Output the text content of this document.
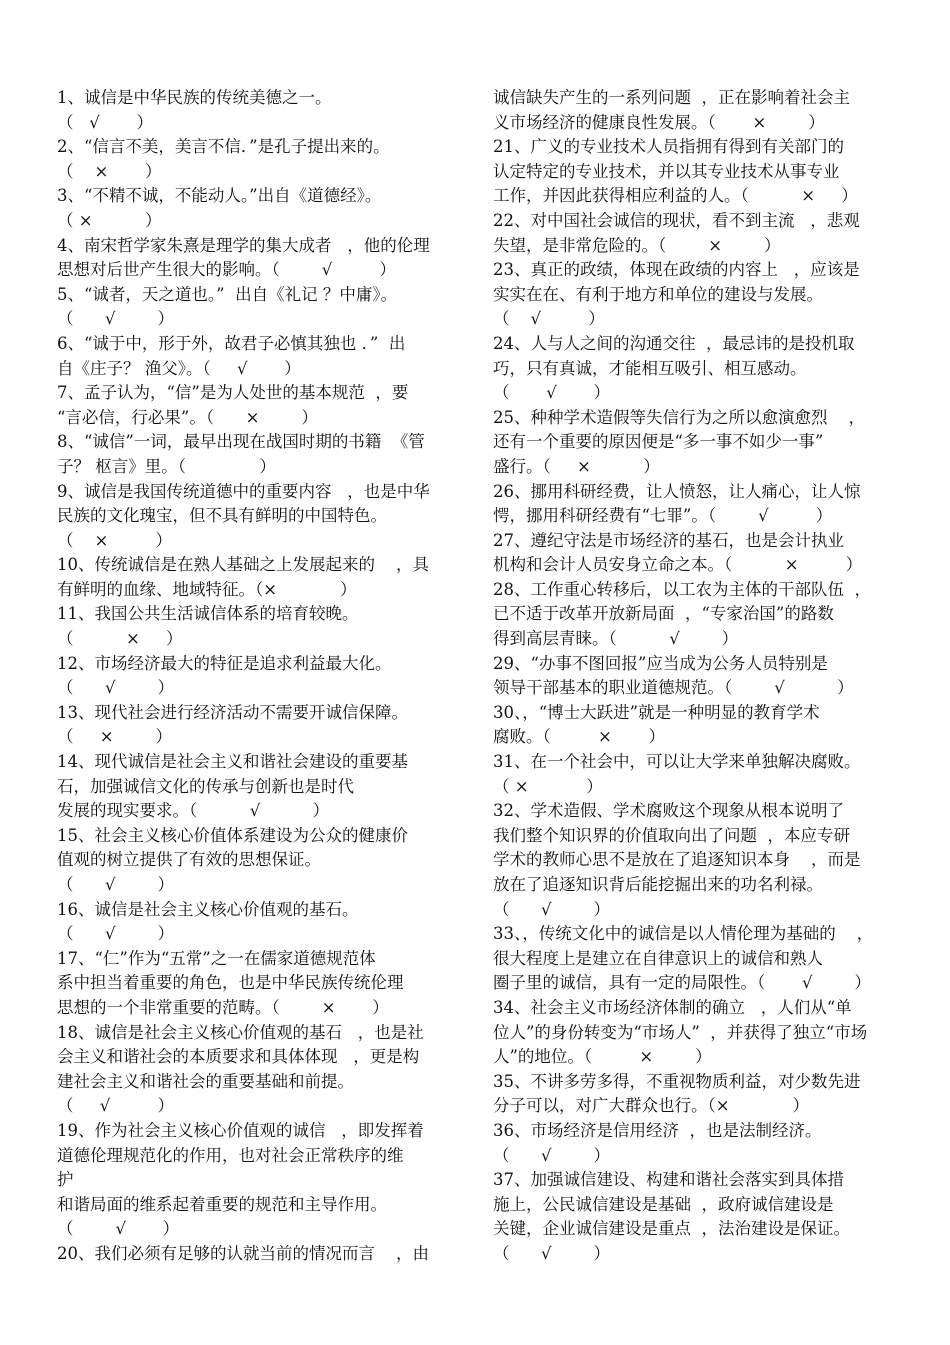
1、诚信是中华民族的传统美德之一。

（   √       ）

2、“信言不美，美言不信．”是孔子提出来的。

（    ×       ）

3、“不精不诚，不能动人。”出自《道德经》。

（ ×          ）

4、南宋哲学家朱熹是理学的集大成者   ，他的伦理

思想对后世产生很大的影响。（        √         ）

5、“诚者，天之道也。”  出自《礼记 ？中庸》。

（      √        ）

6、“诚于中，形于外，故君子必慎其独也 ．”  出

自《庄子？ 渔父》。（     √       ）

7、孟子认为，“信”是为人处世的基本规范  ，要

“言必信，行必果”。（      ×        ）

8、“诚信”一词，最早出现在战国时期的书籍  《管

子？ 枢言》里。（              ）

9、诚信是我国传统道德中的重要内容   ，也是中华

民族的文化瑰宝，但不具有鲜明的中国特色。

（    ×         ）

10、传统诚信是在熟人基础之上发展起来的    ，具

有鲜明的血缘、地域特征。（×            ）

11、我国公共生活诚信体系的培育较晚。

（          ×     ）

12、市场经济最大的特征是追求利益最大化。

（      √        ）

13、现代社会进行经济活动不需要开诚信保障。

（     ×        ）

14、现代诚信是社会主义和谐社会建设的重要基

石，加强诚信文化的传承与创新也是时代

发展的现实要求。（          √          ）

15、社会主义核心价值体系建设为公众的健康价

值观的树立提供了有效的思想保证。

（      √        ）

16、诚信是社会主义核心价值观的基石。

（      √        ）

17、“仁”作为“五常”之一在儒家道德规范体

系中担当着重要的角色，也是中华民族传统伦理

思想的一个非常重要的范畴。（        ×       ）

18、诚信是社会主义核心价值观的基石   ，也是社

会主义和谐社会的本质要求和具体体现   ，更是构

建社会主义和谐社会的重要基础和前提。

（     √         ）

19、作为社会主义核心价值观的诚信   ，即发挥着

道德伦理规范化的作用，也对社会正常秩序的维

护

和谐局面的维系起着重要的规范和主导作用。

（        √       ）

20、我们必须有足够的认就当前的情况而言    ，由

诚信缺失产生的一系列问题  ，正在影响着社会主

义市场经济的健康良性发展。（       ×        ）

21、广义的专业技术人员指拥有得到有关部门的

认定特定的专业技术，并以其专业技术从事专业

工作，并因此获得相应利益的人。（          ×     ）

22、对中国社会诚信的现状，看不到主流   ，悲观

失望，是非常危险的。（        ×        ）

23、真正的政绩，体现在政绩的内容上   ，应该是

实实在在、有利于地方和单位的建设与发展。

（    √         ）

24、人与人之间的沟通交往  ，最忌讳的是投机取

巧，只有真诚，才能相互吸引、相互感动。

（       √       ）

25、种种学术造假等失信行为之所以愈演愈烈    ，

还有一个重要的原因便是“多一事不如少一事”

盛行。（     ×          ）

26、挪用科研经费，让人愤怒，让人痛心，让人惊

愕，挪用科研经费有“七罪”。（        √         ）

27、遵纪守法是市场经济的基石，也是会计执业

机构和会计人员安身立命之本。（          ×         ）

28、工作重心转移后，以工农为主体的干部队伍  ，

已不适于改革开放新局面  ，“专家治国”的路数

得到高层青睐。（          √        ）

29、“办事不图回报”应当成为公务人员特别是

领导干部基本的职业道德规范。（        √          ）

30、，“博士大跃进”就是一种明显的教育学术

腐败。（         ×       ）

31、在一个社会中，可以让大学来单独解决腐败。

（ ×           ）

32、学术造假、学术腐败这个现象从根本说明了

我们整个知识界的价值取向出了问题  ，本应专研

学术的教师心思不是放在了追逐知识本身    ，而是

放在了追逐知识背后能挖掘出来的功名利禄。

（      √        ）

33、，传统文化中的诚信是以人情伦理为基础的    ，

很大程度上是建立在自律意识上的诚信和熟人

圈子里的诚信，具有一定的局限性。（       √        ）

34、社会主义市场经济体制的确立   ，人们从“单

位人”的身份转变为“市场人”  ，并获得了独立“市场

人”的地位。（         ×        ）

35、不讲多劳多得，不重视物质利益，对少数先进

分子可以，对广大群众也行。（×            ）

36、市场经济是信用经济  ，也是法制经济。

（      √        ）

37、加强诚信建设、构建和谐社会落实到具体措

施上，公民诚信建设是基础  ，政府诚信建设是

关键，企业诚信建设是重点  ，法治建设是保证。

（      √        ）
